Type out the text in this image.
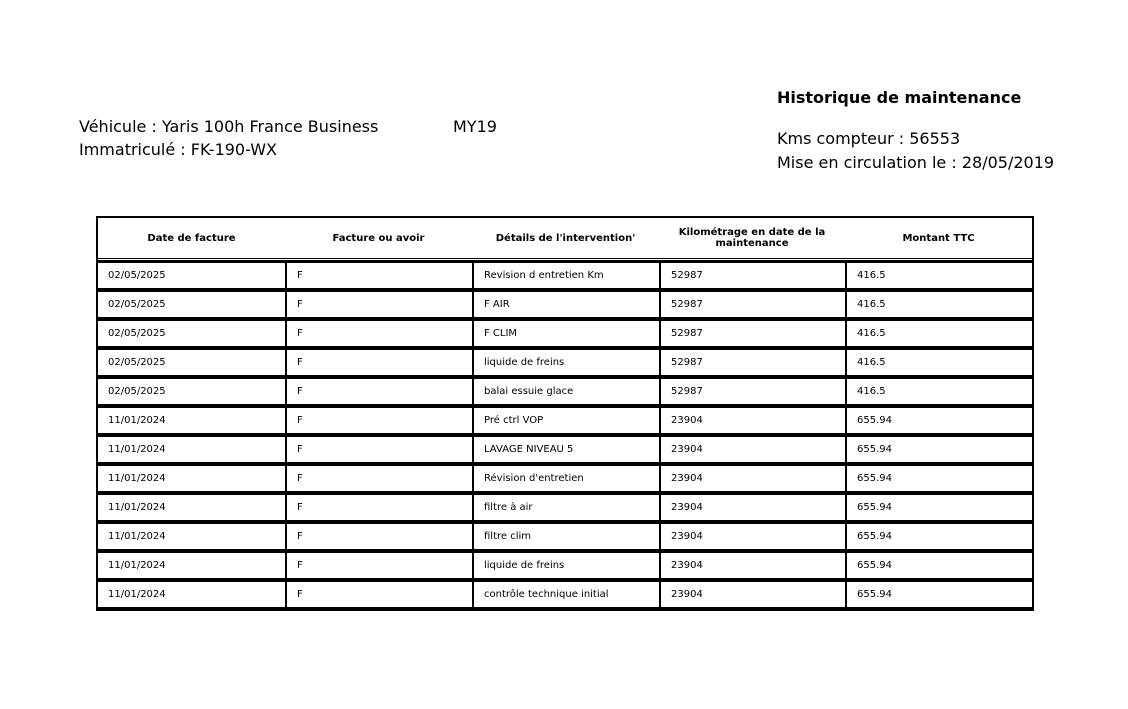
Véhicule : Yaris 100h France Business	MY19
Immatriculé : FK-190-WX
Historique de maintenance
Kms compteur : 56553
Mise en circulation le : 28/05/2019
Date de facture	Facture ou avoir	Détails de l'intervention'	Kilométrage en date de la maintenance	Montant TTC
02/05/2025	F	Revision d entretien Km	52987	416.5
02/05/2025	F	F AIR	52987	416.5
02/05/2025	F	F CLIM	52987	416.5
02/05/2025	F	liquide de freins	52987	416.5
02/05/2025	F	balai essuie glace	52987	416.5
11/01/2024	F	Pré ctrl VOP	23904	655.94
11/01/2024	F	LAVAGE NIVEAU 5	23904	655.94
11/01/2024	F	Révision d'entretien	23904	655.94
11/01/2024	F	filtre à air	23904	655.94
11/01/2024	F	filtre clim	23904	655.94
11/01/2024	F	liquide de freins	23904	655.94
11/01/2024	F	contrôle technique initial	23904	655.94
